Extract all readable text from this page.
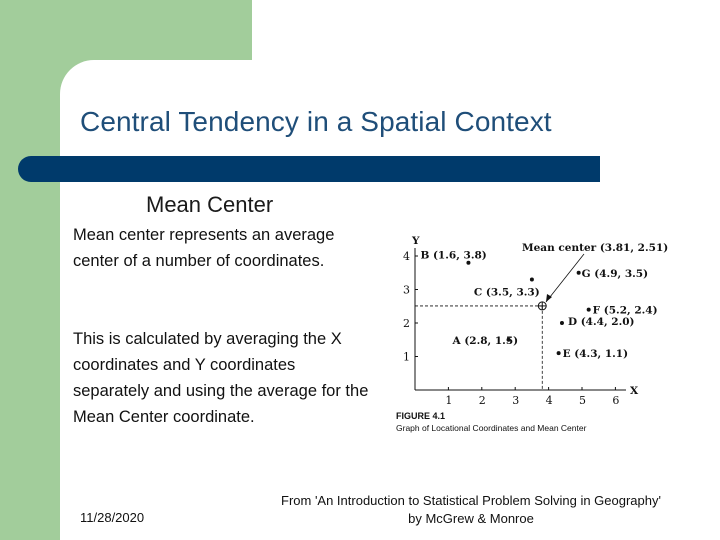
Central Tendency in a Spatial Context
Mean Center
Mean center represents an average center of a number of coordinates.
This is calculated by averaging the X coordinates and Y coordinates separately and using the average for the Mean Center coordinate.
Y
X
1 2 3 4 5 6
1
2
3
4
A (2.8, 1.5)
B (1.6, 3.8)
C (3.5, 3.3)
D (4.4, 2.0)
E (4.3, 1.1)
F (5.2, 2.4)
G (4.9, 3.5)
Mean center (3.81, 2.51)
FIGURE 4.1
Graph of Locational Coordinates and Mean Center
11/28/2020
From 'An Introduction to Statistical Problem Solving in Geography'
by McGrew & Monroe
